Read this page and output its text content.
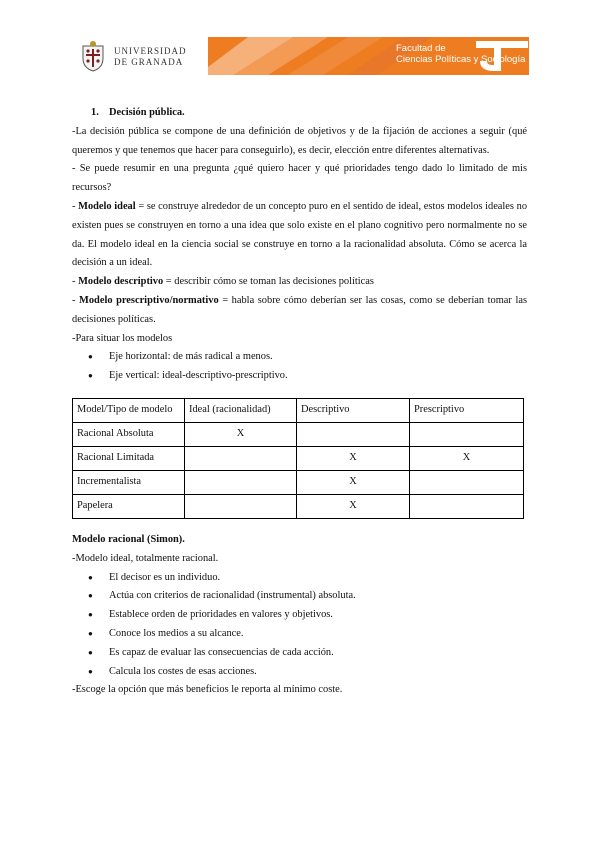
UNIVERSIDAD
DE GRANADA
Facultad de
Ciencias Políticas y Sociología

1. Decisión pública.

-La decisión pública se compone de una definición de objetivos y de la fijación de acciones a seguir (qué queremos y que tenemos que hacer para conseguirlo), es decir, elección entre diferentes alternativas.

- Se puede resumir en una pregunta ¿qué quiero hacer y qué prioridades tengo dado lo limitado de mis recursos?

- Modelo ideal = se construye alrededor de un concepto puro en el sentido de ideal, estos modelos ideales no existen pues se construyen en torno a una idea que solo existe en el plano cognitivo pero normalmente no se da. El modelo ideal en la ciencia social se construye en torno a la racionalidad absoluta. Cómo se acerca la decisión a un ideal.

- Modelo descriptivo = describir cómo se toman las decisiones políticas

- Modelo prescriptivo/normativo = habla sobre cómo deberían ser las cosas, como se deberían tomar las decisiones políticas.

-Para situar los modelos

● Eje horizontal: de más radical a menos.
● Eje vertical: ideal-descriptivo-prescriptivo.
Model/Tipo de modelo	Ideal (racionalidad)	Descriptivo	Prescriptivo
Racional Absoluta	X		
Racional Limitada		X	X
Incrementalista		X	
Papelera		X	

Modelo racional (Simon).

-Modelo ideal, totalmente racional.

● El decisor es un individuo.
● Actúa con criterios de racionalidad (instrumental) absoluta.
● Establece orden de prioridades en valores y objetivos.
● Conoce los medios a su alcance.
● Es capaz de evaluar las consecuencias de cada acción.
● Calcula los costes de esas acciones.

-Escoge la opción que más beneficios le reporta al mínimo coste.
